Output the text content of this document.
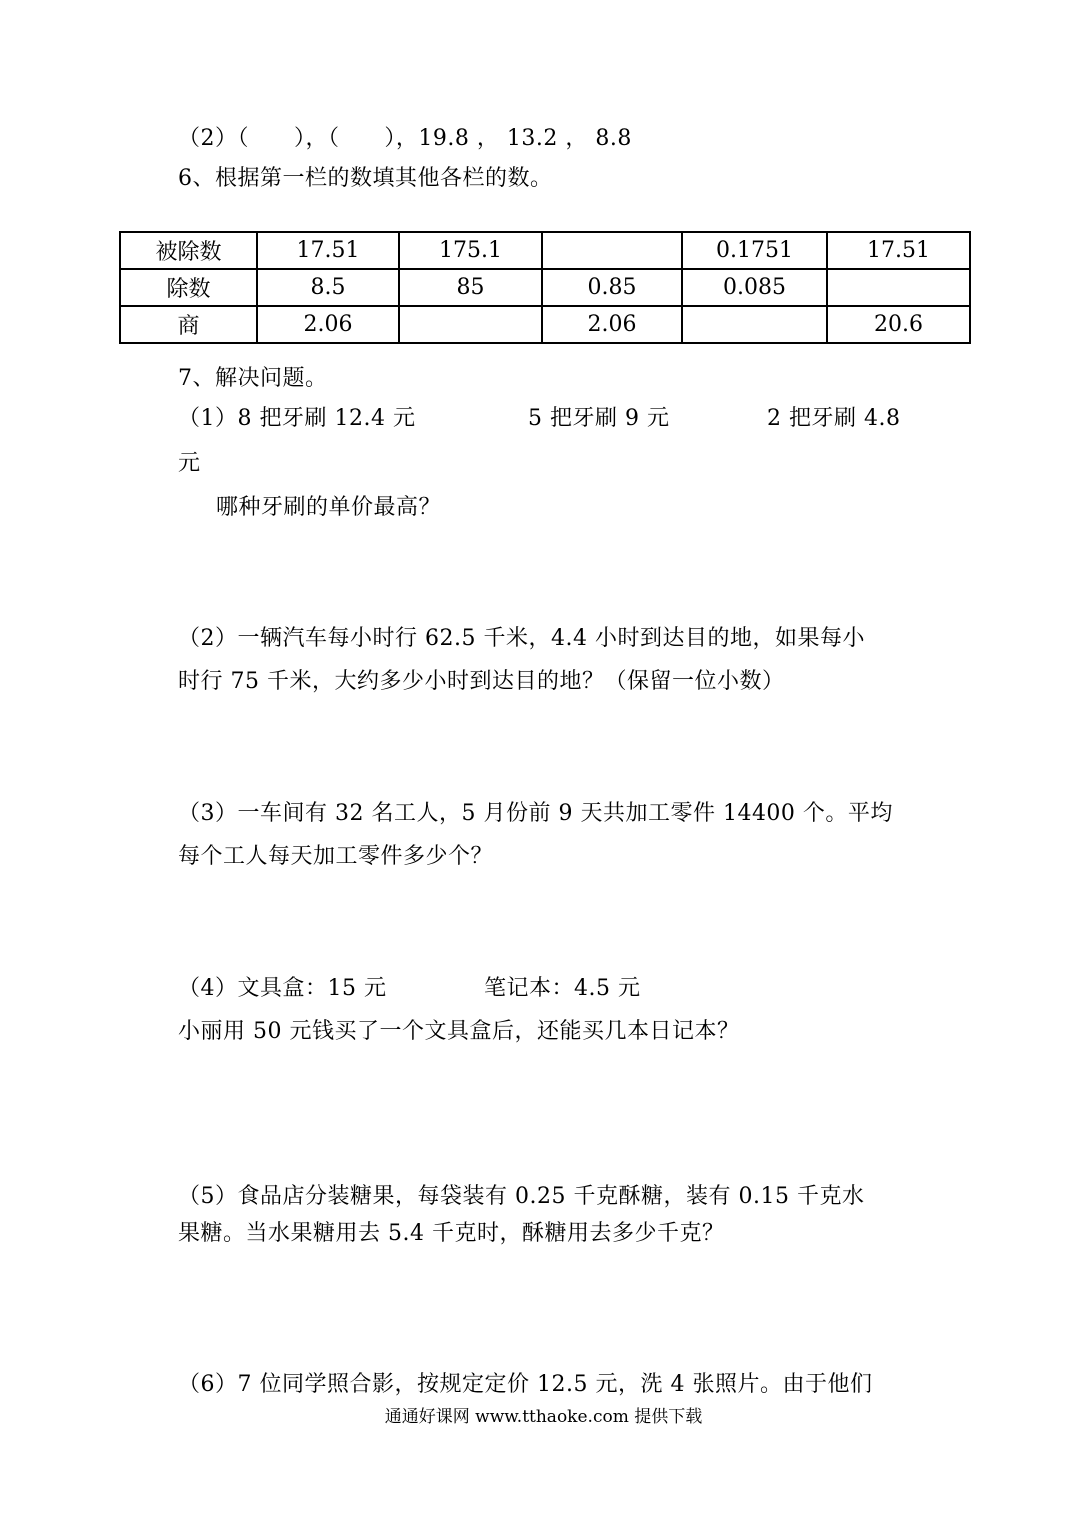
（2）（      ），（      ），19.8 ， 13.2 ， 8.8
6、根据第一栏的数填其他各栏的数。
被除数	17.51	175.1		0.1751	17.51
除数	8.5	85	0.85	0.085	
商	2.06		2.06		20.6
7、解决问题。
（1）8 把牙刷 12.4 元	5 把牙刷 9 元	2 把牙刷 4.8
元
哪种牙刷的单价最高？
（2）一辆汽车每小时行 62.5 千米，4.4 小时到达目的地，如果每小
时行 75 千米，大约多少小时到达目的地？（保留一位小数）
（3）一车间有 32 名工人，5 月份前 9 天共加工零件 14400 个。平均
每个工人每天加工零件多少个？
（4）文具盒：15 元	笔记本：4.5 元
小丽用 50 元钱买了一个文具盒后，还能买几本日记本？
（5）食品店分装糖果，每袋装有 0.25 千克酥糖，装有 0.15 千克水
果糖。当水果糖用去 5.4 千克时，酥糖用去多少千克？
（6）7 位同学照合影，按规定定价 12.5 元，洗 4 张照片。由于他们
通通好课网 www.tthaoke.com 提供下载
